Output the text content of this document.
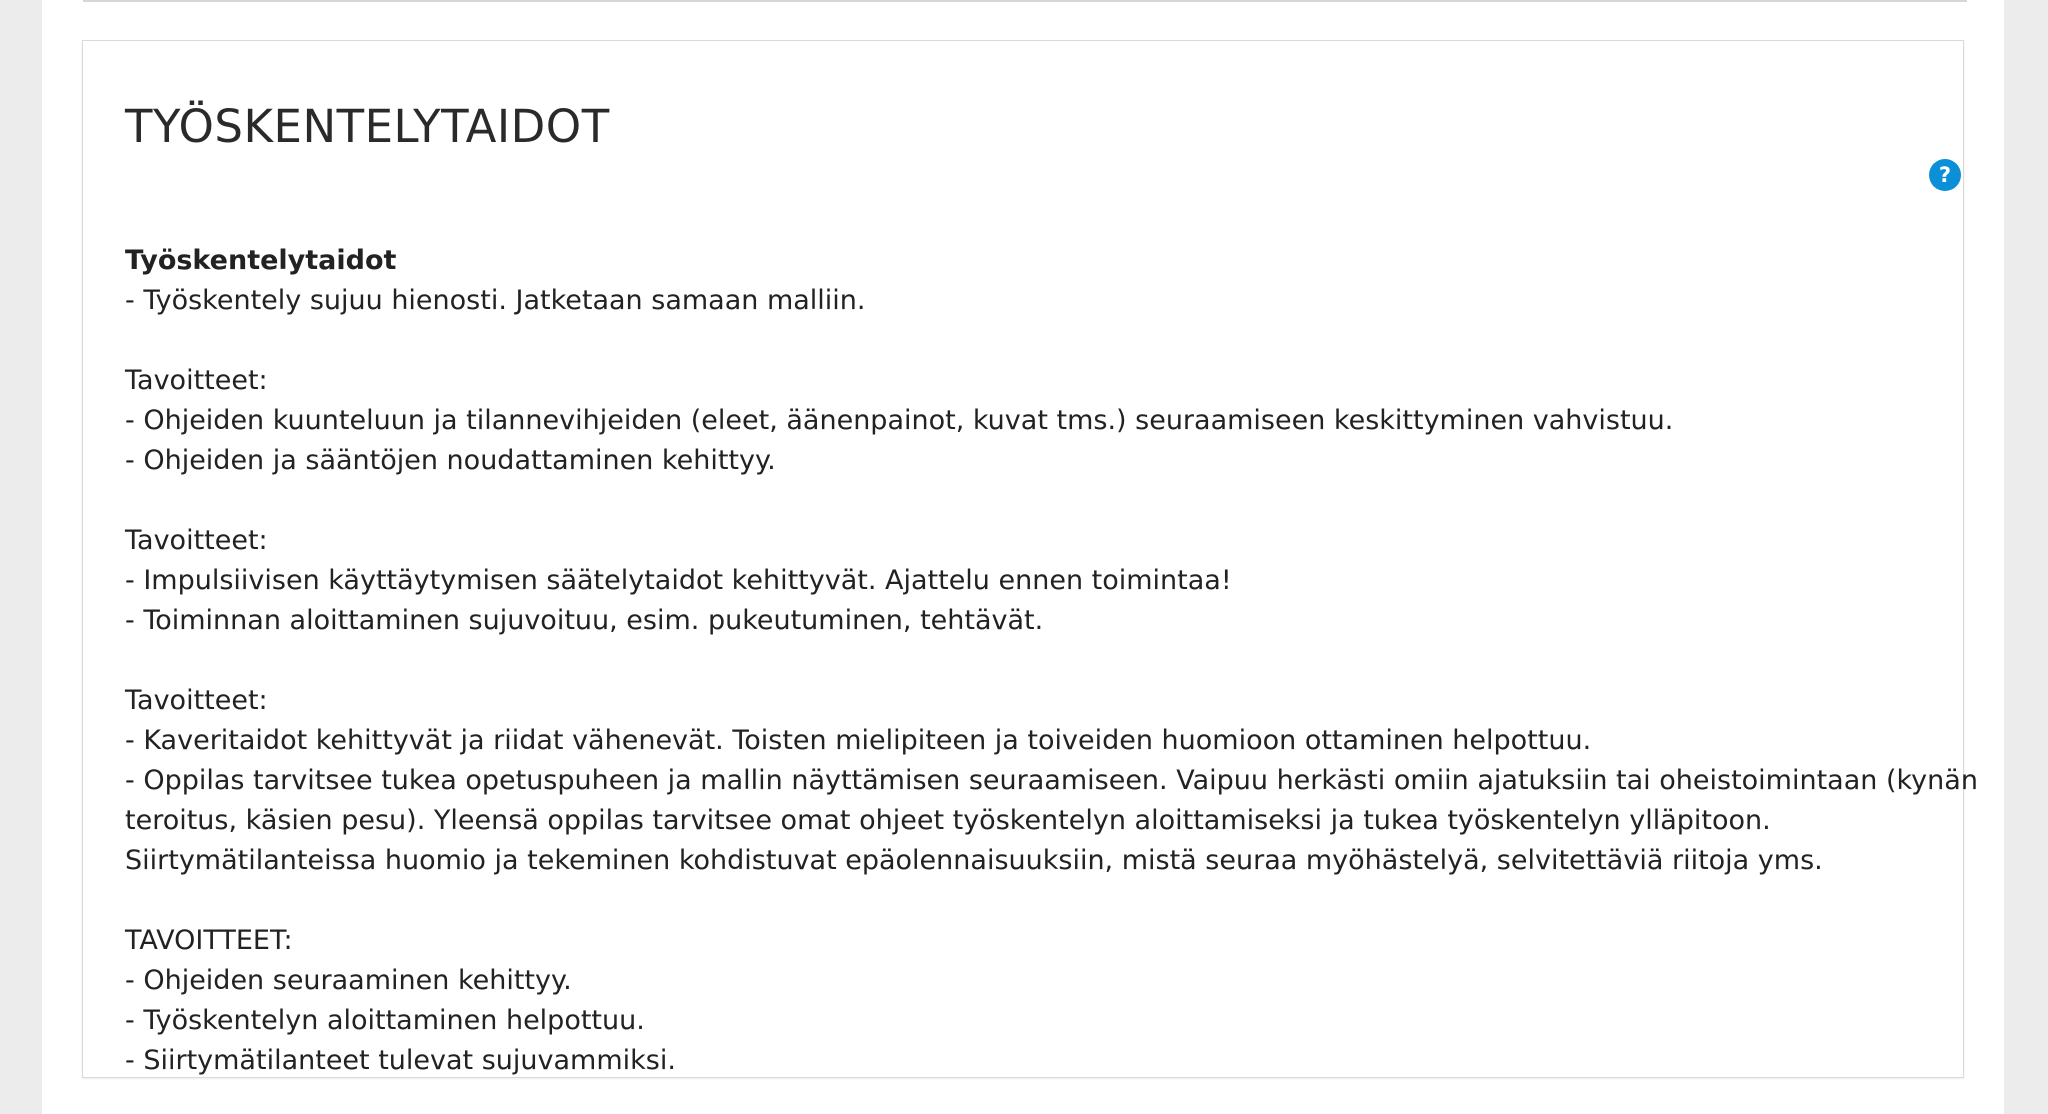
TYÖSKENTELYTAIDOT
?
Työskentelytaidot
- Työskentely sujuu hienosti. Jatketaan samaan malliin.
Tavoitteet:
- Ohjeiden kuunteluun ja tilannevihjeiden (eleet, äänenpainot, kuvat tms.) seuraamiseen keskittyminen vahvistuu.
- Ohjeiden ja sääntöjen noudattaminen kehittyy.
Tavoitteet:
- Impulsiivisen käyttäytymisen säätelytaidot kehittyvät. Ajattelu ennen toimintaa!
- Toiminnan aloittaminen sujuvoituu, esim. pukeutuminen, tehtävät.
Tavoitteet:
- Kaveritaidot kehittyvät ja riidat vähenevät. Toisten mielipiteen ja toiveiden huomioon ottaminen helpottuu.
- Oppilas tarvitsee tukea opetuspuheen ja mallin näyttämisen seuraamiseen. Vaipuu herkästi omiin ajatuksiin tai oheistoimintaan (kynän teroitus, käsien pesu). Yleensä oppilas tarvitsee omat ohjeet työskentelyn aloittamiseksi ja tukea työskentelyn ylläpitoon. Siirtymätilanteissa huomio ja tekeminen kohdistuvat epäolennaisuuksiin, mistä seuraa myöhästelyä, selvitettäviä riitoja yms.
TAVOITTEET:
- Ohjeiden seuraaminen kehittyy.
- Työskentelyn aloittaminen helpottuu.
- Siirtymätilanteet tulevat sujuvammiksi.
